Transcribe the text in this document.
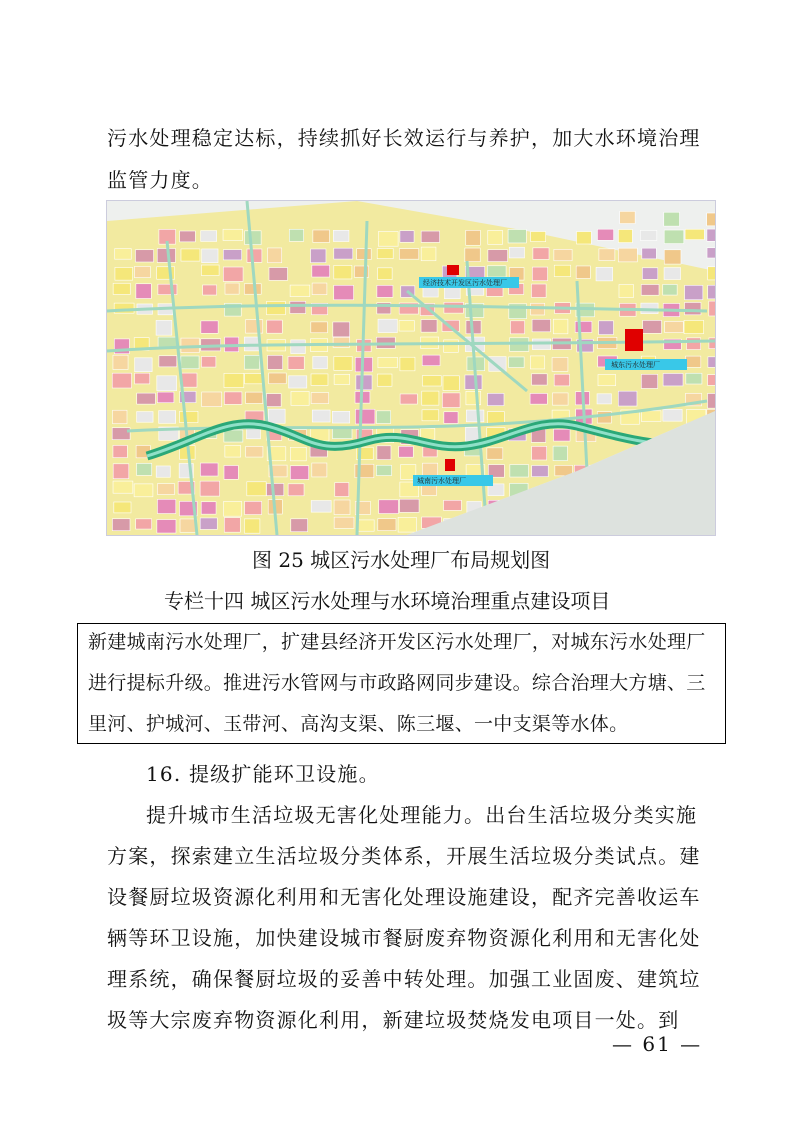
污水处理稳定达标，持续抓好长效运行与养护，加大水环境治理
监管力度。
经济技术开发区污水处理厂
城东污水处理厂
城南污水处理厂
图 25 城区污水处理厂布局规划图
专栏十四 城区污水处理与水环境治理重点建设项目
新建城南污水处理厂，扩建县经济开发区污水处理厂，对城东污水处理厂
进行提标升级。推进污水管网与市政路网同步建设。综合治理大方塘、三
里河、护城河、玉带河、高沟支渠、陈三堰、一中支渠等水体。
16. 提级扩能环卫设施。
提升城市生活垃圾无害化处理能力。出台生活垃圾分类实施
方案，探索建立生活垃圾分类体系，开展生活垃圾分类试点。建
设餐厨垃圾资源化利用和无害化处理设施建设，配齐完善收运车
辆等环卫设施，加快建设城市餐厨废弃物资源化利用和无害化处
理系统，确保餐厨垃圾的妥善中转处理。加强工业固废、建筑垃
圾等大宗废弃物资源化利用，新建垃圾焚烧发电项目一处。到
— 61 —
